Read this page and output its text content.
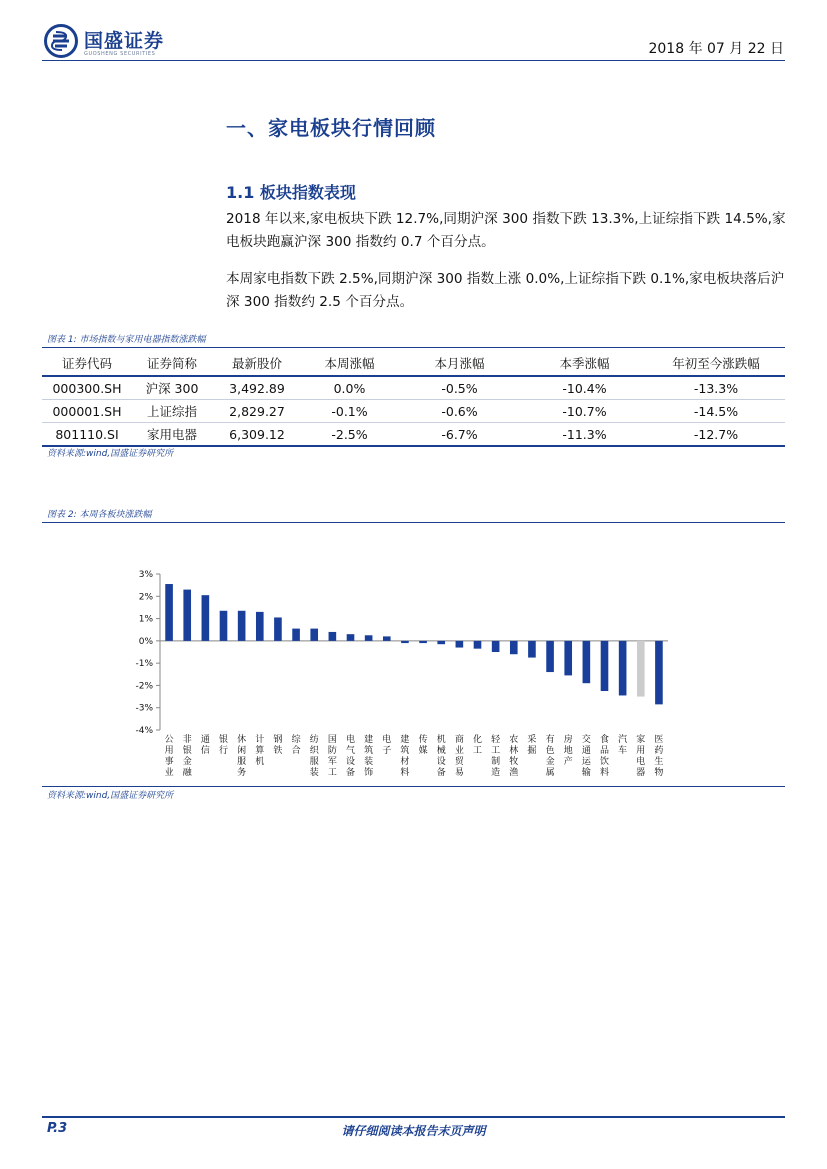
国盛证券
GUOSHENG SECURITIES	2018 年 07 月 22 日
一、家电板块行情回顾
1.1 板块指数表现
2018 年以来,家电板块下跌 12.7%,同期沪深 300 指数下跌 13.3%,上证综指下跌 14.5%,家电板块跑赢沪深 300 指数约 0.7 个百分点。
本周家电指数下跌 2.5%,同期沪深 300 指数上涨 0.0%,上证综指下跌 0.1%,家电板块落后沪深 300 指数约 2.5 个百分点。
图表 1: 市场指数与家用电器指数涨跌幅
证券代码	证券简称	最新股价	本周涨幅	本月涨幅	本季涨幅	年初至今涨跌幅
000300.SH	沪深 300	3,492.89	0.0%	-0.5%	-10.4%	-13.3%
000001.SH	上证综指	2,829.27	-0.1%	-0.6%	-10.7%	-14.5%
801110.SI	家用电器	6,309.12	-2.5%	-6.7%	-11.3%	-12.7%
资料来源:wind,国盛证券研究所
图表 2: 本周各板块涨跌幅
3%
2%
1%
0%
-1%
-2%
-3%
-4%
公用事业
非银金融
通信
银行
休闲服务
计算机
钢铁
综合
纺织服装
国防军工
电气设备
建筑装饰
电子
建筑材料
传媒
机械设备
商业贸易
化工
轻工制造
农林牧渔
采掘
有色金属
房地产
交通运输
食品饮料
汽车
家用电器
医药生物
资料来源:wind,国盛证券研究所
P.3	请仔细阅读本报告末页声明
